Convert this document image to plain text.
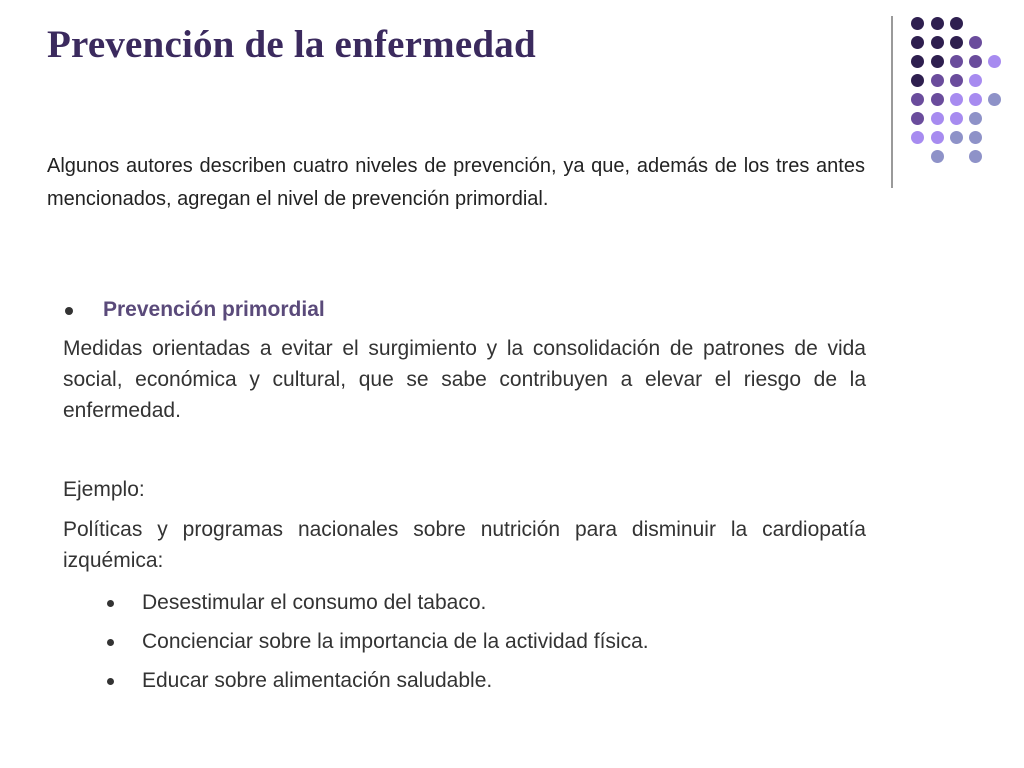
Prevención de la enfermedad

Algunos autores describen cuatro niveles de prevención, ya que, además de los tres antes mencionados, agregan el nivel de prevención primordial.

Prevención primordial

Medidas orientadas a evitar el surgimiento y la consolidación de patrones de vida social, económica y cultural, que se sabe contribuyen a elevar el riesgo de la enfermedad.

Ejemplo:

Políticas y programas nacionales sobre nutrición para disminuir la cardiopatía izquémica:

Desestimular el consumo del tabaco.
Concienciar sobre la importancia de la actividad física.
Educar sobre alimentación saludable.
